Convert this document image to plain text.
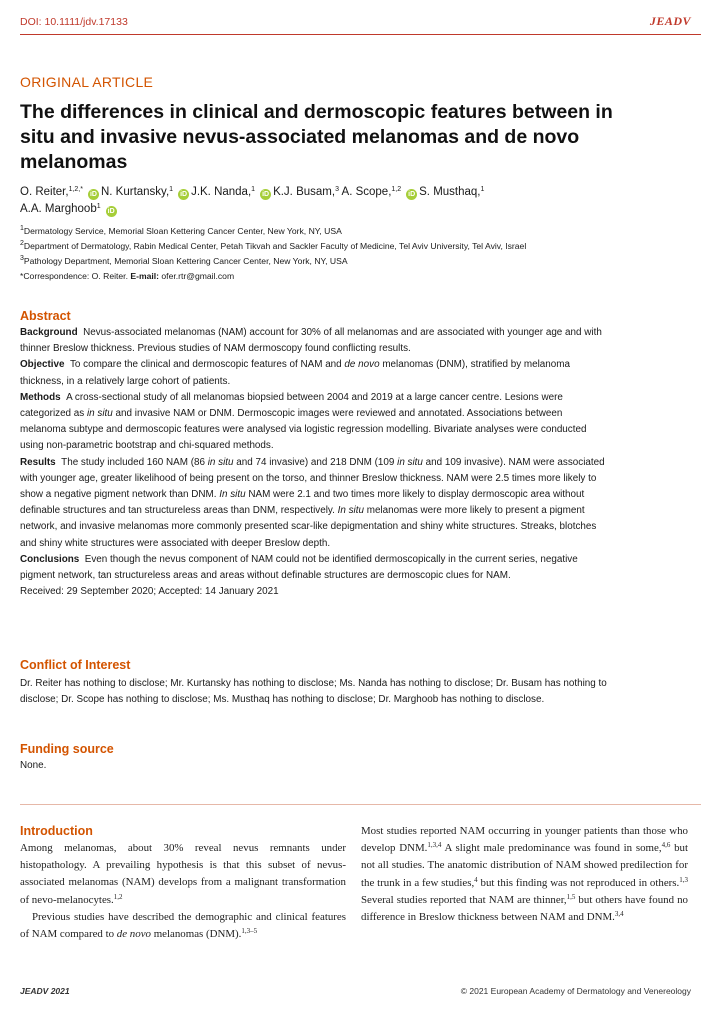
DOI: 10.1111/jdv.17133	JEADV
ORIGINAL ARTICLE
The differences in clinical and dermoscopic features between in situ and invasive nevus-associated melanomas and de novo melanomas
O. Reiter,$^{1,2,*}$iD N. Kurtansky,$^1$iD J.K. Nanda,$^1$iD K.J. Busam,$^3$ A. Scope,$^{1,2}$iD S. Musthaq,$^1$
A.A. Marghoob$^1$iD
$^1$Dermatology Service, Memorial Sloan Kettering Cancer Center, New York, NY, USA
$^2$Department of Dermatology, Rabin Medical Center, Petah Tikvah and Sackler Faculty of Medicine, Tel Aviv University, Tel Aviv, Israel
$^3$Pathology Department, Memorial Sloan Kettering Cancer Center, New York, NY, USA
*Correspondence: O. Reiter. E-mail: ofer.rtr@gmail.com
Abstract

Background Nevus-associated melanomas (NAM) account for 30% of all melanomas and are associated with younger age and with thinner Breslow thickness. Previous studies of NAM dermoscopy found conflicting results.

Objective To compare the clinical and dermoscopic features of NAM and de novo melanomas (DNM), stratified by melanoma thickness, in a relatively large cohort of patients.

Methods A cross-sectional study of all melanomas biopsied between 2004 and 2019 at a large cancer centre. Lesions were categorized as in situ and invasive NAM or DNM. Dermoscopic images were reviewed and annotated. Associations between melanoma subtype and dermoscopic features were analysed via logistic regression modelling. Bivariate analyses were conducted using non-parametric bootstrap and chi-squared methods.

Results The study included 160 NAM (86 in situ and 74 invasive) and 218 DNM (109 in situ and 109 invasive). NAM were associated with younger age, greater likelihood of being present on the torso, and thinner Breslow thickness. NAM were 2.5 times more likely to show a negative pigment network than DNM. In situ NAM were 2.1 and two times more likely to display dermoscopic area without definable structures and tan structureless areas than DNM, respectively. In situ melanomas were more likely to present a pigment network, and invasive melanomas more commonly presented scar-like depigmentation and shiny white structures. Streaks, blotches and shiny white structures were associated with deeper Breslow depth.

Conclusions Even though the nevus component of NAM could not be identified dermoscopically in the current series, negative pigment network, tan structureless areas and areas without definable structures are dermoscopic clues for NAM.

Received: 29 September 2020; Accepted: 14 January 2021

Conflict of Interest
Dr. Reiter has nothing to disclose; Mr. Kurtansky has nothing to disclose; Ms. Nanda has nothing to disclose; Dr. Busam has nothing to disclose; Dr. Scope has nothing to disclose; Ms. Musthaq has nothing to disclose; Dr. Marghoob has nothing to disclose.
Funding source
None.
Introduction

Among melanomas, about 30% reveal nevus remnants under histopathology. A prevailing hypothesis is that this subset of nevus-associated melanomas (NAM) develops from a malignant transformation of nevo-melanocytes.$^{1,2}$

Previous studies have described the demographic and clinical features of NAM compared to de novo melanomas (DNM).$^{1,3-5}$

Most studies reported NAM occurring in younger patients than those who develop DNM.$^{1,3,4}$ A slight male predominance was found in some,$^{4,6}$ but not all studies. The anatomic distribution of NAM showed predilection for the trunk in a few studies,$^4$ but this finding was not reproduced in others.$^{1,3}$ Several studies reported that NAM are thinner,$^{1,5}$ but others have found no difference in Breslow thickness between NAM and DNM.$^{3,4}$

JEADV 2021	© 2021 European Academy of Dermatology and Venereology
